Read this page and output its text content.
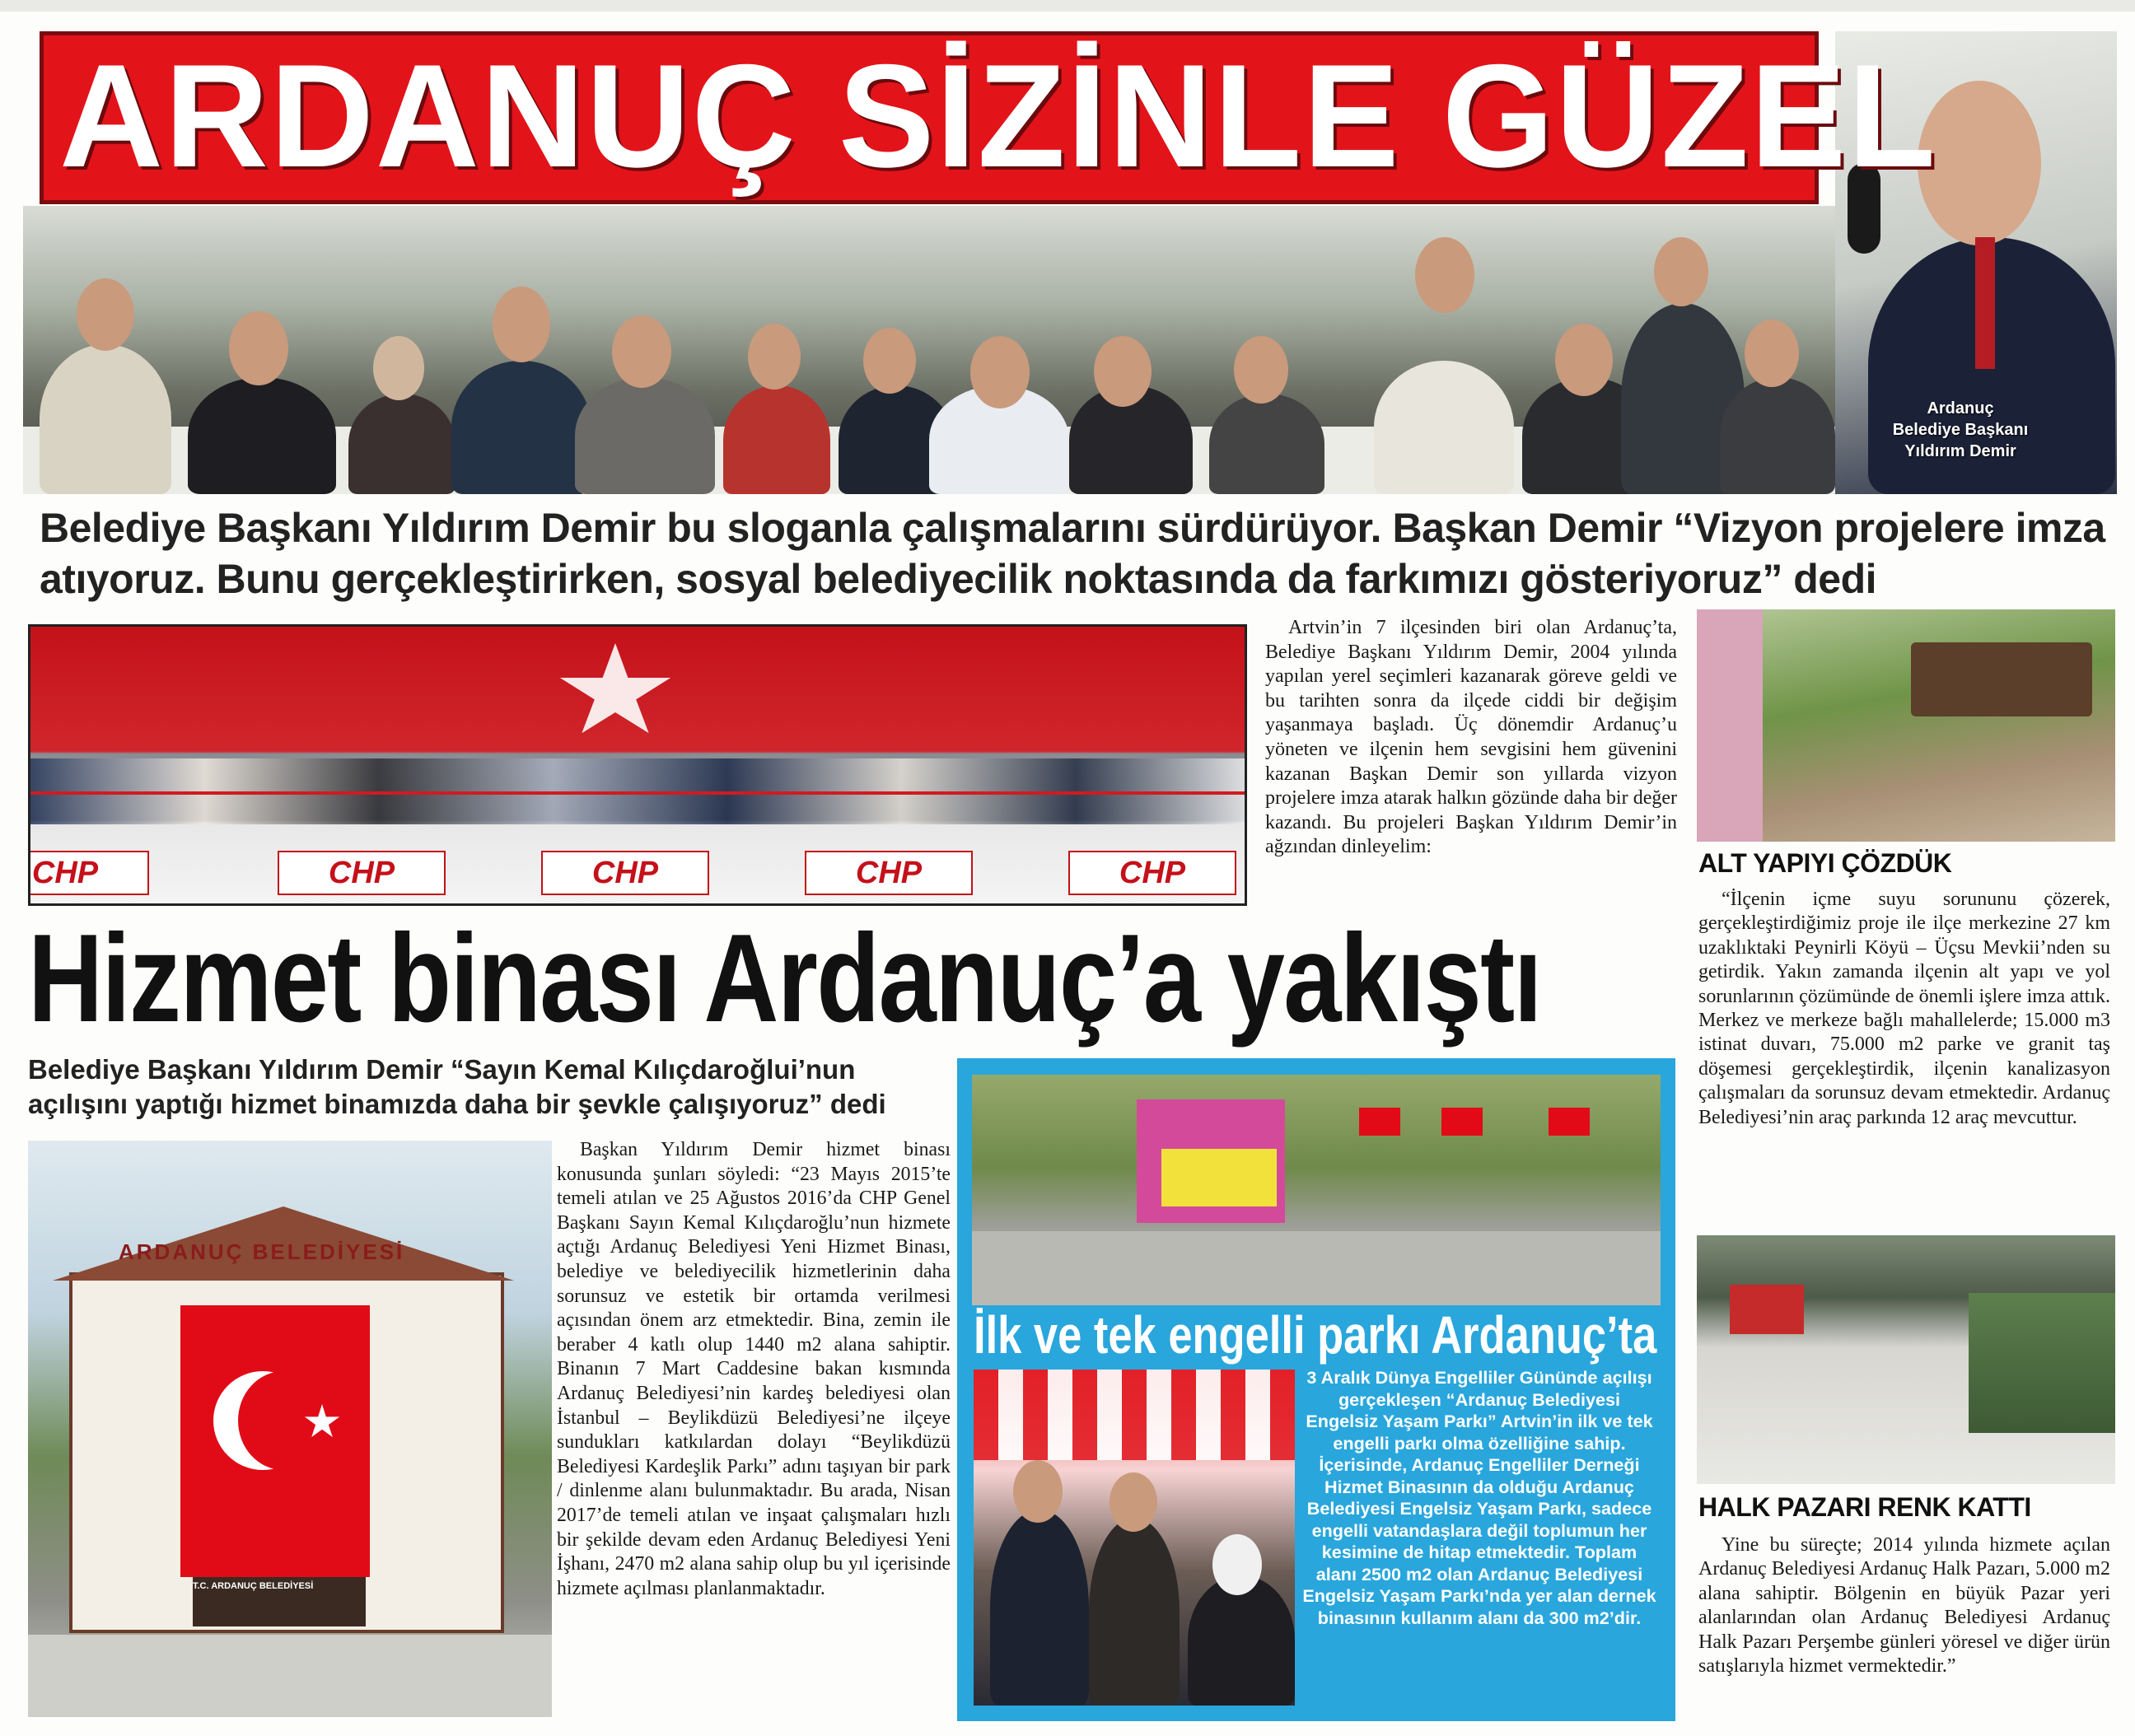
Ardanuç
Belediye Başkanı
Yıldırım Demir
ARDANUÇ SİZİNLE GÜZEL
Belediye Başkanı Yıldırım Demir bu sloganla çalışmalarını sürdürüyor. Başkan Demir “Vizyon projelere imza atıyoruz. Bunu gerçekleştirirken, sosyal belediyecilik noktasında da farkımızı gösteriyoruz” dedi
CHP	CHP	CHP	CHP	CHP

Artvin’in 7 ilçesinden biri olan Ardanuç’ta, Belediye Başkanı Yıldırım Demir, 2004 yılında yapılan yerel seçimleri kazanarak göreve geldi ve bu tarihten sonra da ilçede ciddi bir değişim yaşanmaya başladı. Üç dönemdir Ardanuç’u yöneten ve ilçenin hem sevgisini hem güvenini kazanan Başkan Demir son yıllarda vizyon projelere imza atarak halkın gözünde daha bir değer kazandı. Bu projeleri Başkan Yıldırım Demir’in ağzından dinleyelim:

ALT YAPIYI ÇÖZDÜK

“İlçenin içme suyu sorununu çözerek, gerçekleştirdiğimiz proje ile ilçe merkezine 27 km uzaklıktaki Peynirli Köyü – Üçsu Mevkii’nden su getirdik. Yakın zamanda ilçenin alt yapı ve yol sorunlarının çözümünde de önemli işlere imza attık. Merkez ve merkeze bağlı mahallelerde; 15.000 m3 istinat duvarı, 75.000 m2 parke ve granit taş döşemesi gerçekleştirdik, ilçenin kanalizasyon çalışmaları da sorunsuz devam etmektedir. Ardanuç Belediyesi’nin araç parkında 12 araç mevcuttur.

Hizmet binası Ardanuç’a yakıştı
Belediye Başkanı Yıldırım Demir “Sayın Kemal Kılıçdaroğlui’nun açılışını yaptığı hizmet binamızda daha bir şevkle çalışıyoruz” dedi
ARDANUÇ BELEDİYESİ
T.C. ARDANUÇ BELEDİYESİ

Başkan Yıldırım Demir hizmet binası konusunda şunları söyledi: “23 Mayıs 2015’te temeli atılan ve 25 Ağustos 2016’da CHP Genel Başkanı Sayın Kemal Kılıçdaroğlu’nun hizmete açtığı Ardanuç Belediyesi Yeni Hizmet Binası, belediye ve belediyecilik hizmetlerinin daha sorunsuz ve estetik bir ortamda verilmesi açısından önem arz etmektedir. Bina, zemin ile beraber 4 katlı olup 1440 m2 alana sahiptir. Binanın 7 Mart Caddesine bakan kısmında Ardanuç Belediyesi’nin kardeş belediyesi olan İstanbul – Beylikdüzü Belediyesi’ne ilçeye sundukları katkılardan dolayı “Beylikdüzü Belediyesi Kardeşlik Parkı” adını taşıyan bir park / dinlenme alanı bulunmaktadır. Bu arada, Nisan 2017’de temeli atılan ve inşaat çalışmaları hızlı bir şekilde devam eden Ardanuç Belediyesi Yeni İşhanı, 2470 m2 alana sahip olup bu yıl içerisinde hizmete açılması planlanmaktadır.

İlk ve tek engelli parkı Ardanuç’ta
3 Aralık Dünya Engelliler Gününde açılışı gerçekleşen “Ardanuç Belediyesi Engelsiz Yaşam Parkı” Artvin’in ilk ve tek engelli parkı olma özelliğine sahip. İçerisinde, Ardanuç Engelliler Derneği Hizmet Binasının da olduğu Ardanuç Belediyesi Engelsiz Yaşam Parkı, sadece engelli vatandaşlara değil toplumun her kesimine de hitap etmektedir. Toplam alanı 2500 m2 olan Ardanuç Belediyesi Engelsiz Yaşam Parkı’nda yer alan dernek binasının kullanım alanı da 300 m2’dir.
HALK PAZARI RENK KATTI

Yine bu süreçte; 2014 yılında hizmete açılan Ardanuç Belediyesi Ardanuç Halk Pazarı, 5.000 m2 alana sahiptir. Bölgenin en büyük Pazar yeri alanlarından olan Ardanuç Belediyesi Ardanuç Halk Pazarı Perşembe günleri yöresel ve diğer ürün satışlarıyla hizmet vermektedir.”
